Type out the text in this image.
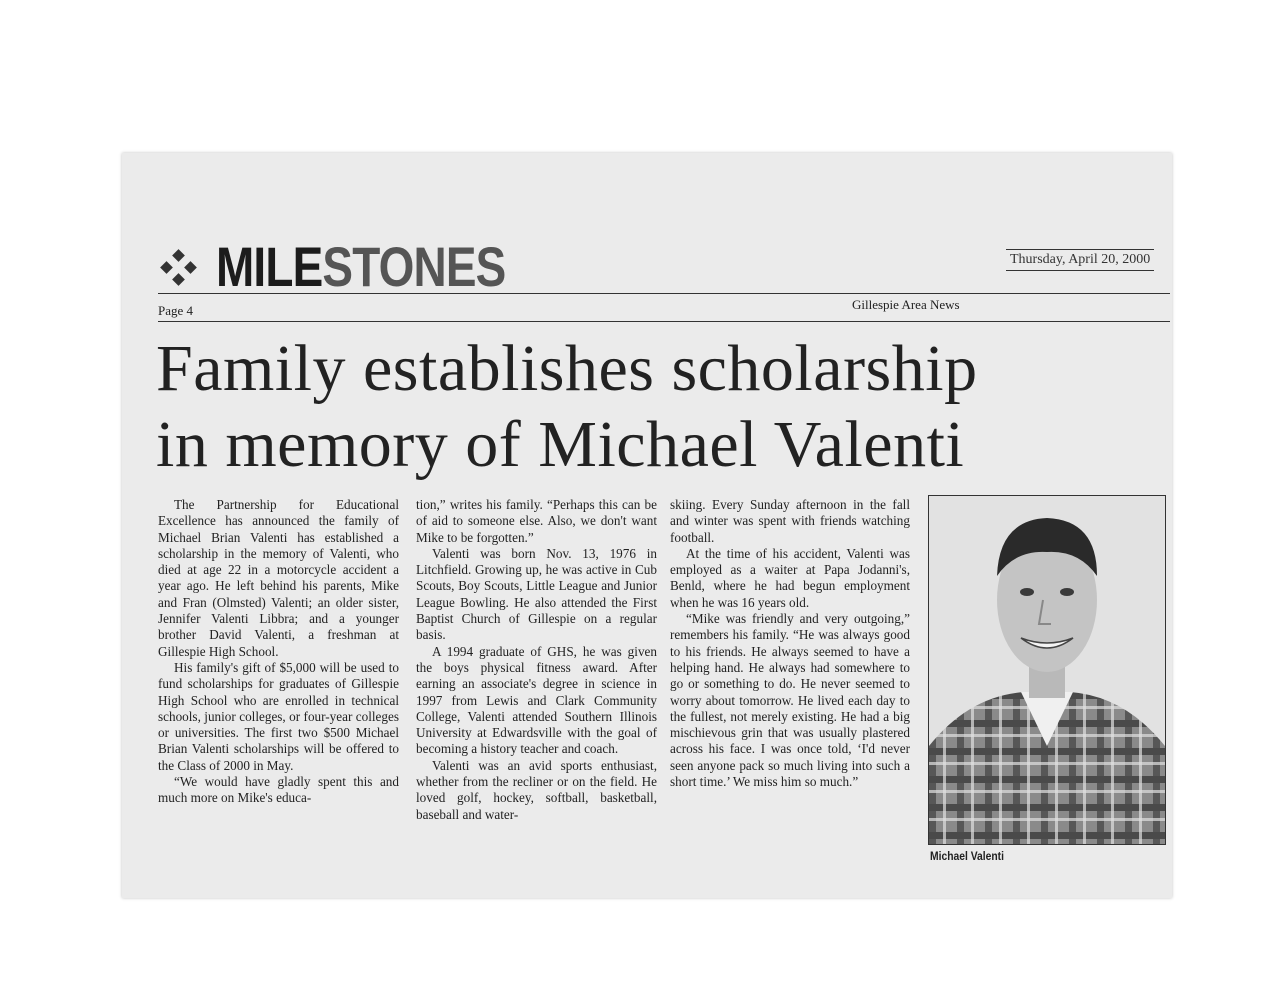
MILESTONES	Thursday, April 20, 2000
Page 4	Gillespie Area News
Family establishes scholarship
in memory of Michael Valenti

The Partnership for Educational Excellence has announced the family of Michael Brian Valenti has established a scholarship in the memory of Valenti, who died at age 22 in a motorcycle accident a year ago. He left behind his parents, Mike and Fran (Olmsted) Valenti; an older sister, Jennifer Valenti Libbra; and a younger brother David Valenti, a freshman at Gillespie High School.

His family's gift of $5,000 will be used to fund scholarships for graduates of Gillespie High School who are enrolled in technical schools, junior colleges, or four-year colleges or universities. The first two $500 Michael Brian Valenti scholarships will be offered to the Class of 2000 in May.

“We would have gladly spent this and much more on Mike's educa-

tion,” writes his family. “Perhaps this can be of aid to someone else. Also, we don't want Mike to be forgotten.”

Valenti was born Nov. 13, 1976 in Litchfield. Growing up, he was active in Cub Scouts, Boy Scouts, Little League and Junior League Bowling. He also attended the First Baptist Church of Gillespie on a regular basis.

A 1994 graduate of GHS, he was given the boys physical fitness award. After earning an associate's degree in science in 1997 from Lewis and Clark Community College, Valenti attended Southern Illinois University at Edwardsville with the goal of becoming a history teacher and coach.

Valenti was an avid sports enthusiast, whether from the recliner or on the field. He loved golf, hockey, softball, basketball, baseball and water-

skiing. Every Sunday afternoon in the fall and winter was spent with friends watching football.

At the time of his accident, Valenti was employed as a waiter at Papa Jodanni's, Benld, where he had begun employment when he was 16 years old.

“Mike was friendly and very outgoing,” remembers his family. “He was always good to his friends. He always seemed to have a helping hand. He always had somewhere to go or something to do. He never seemed to worry about tomorrow. He lived each day to the fullest, not merely existing. He had a big mischievous grin that was usually plastered across his face. I was once told, ‘I'd never seen anyone pack so much living into such a short time.’ We miss him so much.”

Michael Valenti
